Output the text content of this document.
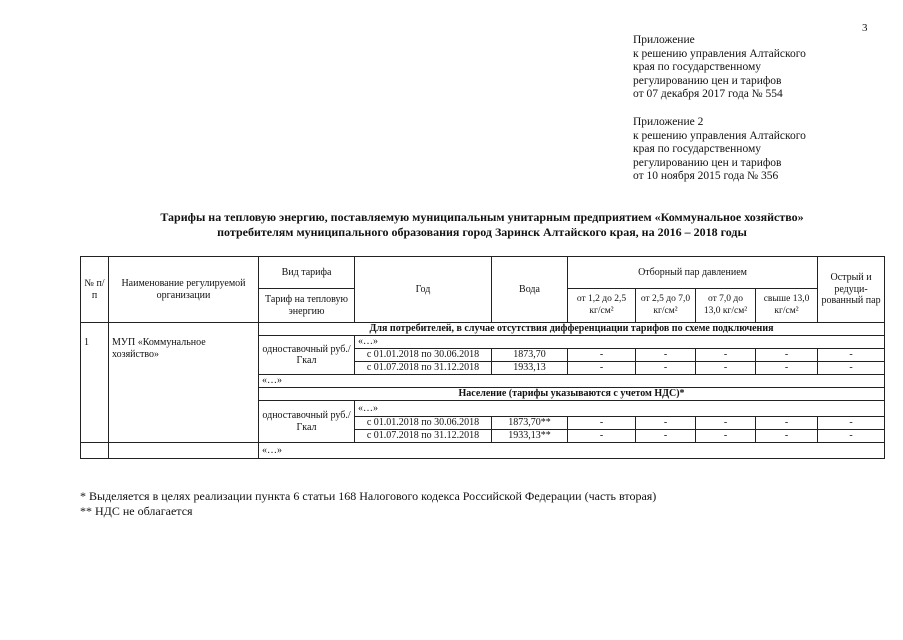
3
Приложение
к решению управления Алтайского
края по государственному
регулированию цен и тарифов
от 07 декабря 2017 года № 554
Приложение 2
к решению управления Алтайского
края по государственному
регулированию цен и тарифов
от 10 ноября 2015 года № 356
Тарифы на тепловую энергию, поставляемую муниципальным унитарным предприятием «Коммунальное хозяйство»
потребителям муниципального образования город Заринск Алтайского края, на 2016 – 2018 годы
№ п/п	Наименование регулируемой организации	Вид тарифа	Год	Вода	Отборный пар давлением				Острый и редуци-рованный пар
		Тариф на тепловую энергию			от 1,2 до 2,5 кг/см²	от 2,5 до 7,0 кг/см²	от 7,0 до 13,0 кг/см²	свыше 13,0 кг/см²	
1	МУП «Коммунальное хозяйство»	Для потребителей, в случае отсутствия дифференциации тарифов по схеме подключения							
		одноставочный руб./Гкал	«…»						
			с 01.01.2018 по 30.06.2018	1873,70	-	-	-	-	-
			с 01.07.2018 по 31.12.2018	1933,13	-	-	-	-	-
		«…»							
		Население (тарифы указываются с учетом НДС)*							
		одноставочный руб./Гкал	«…»						
			с 01.01.2018 по 30.06.2018	1873,70**	-	-	-	-	-
			с 01.07.2018 по 31.12.2018	1933,13**	-	-	-	-	-
		«…»							
* Выделяется в целях реализации пункта 6 статьи 168 Налогового кодекса Российской Федерации (часть вторая)
** НДС не облагается
